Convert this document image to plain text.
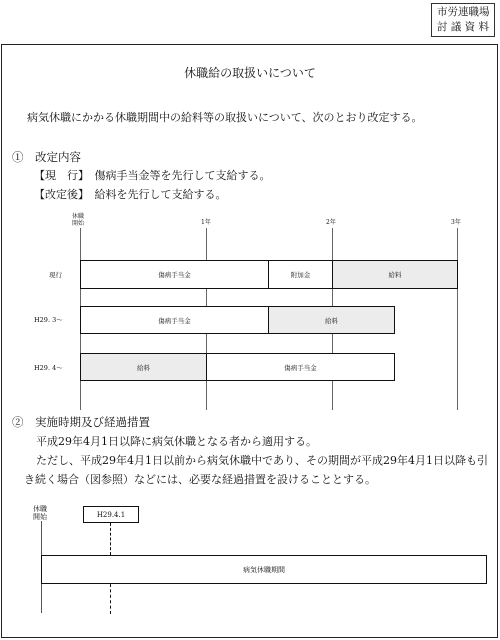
市労連職場
討 議 資 料
休職給の取扱いについて
病気休職にかかる休職期間中の給料等の取扱いについて、次のとおり改定する。
①　改定内容
【現　行】　傷病手当金等を先行して支給する。
【改定後】　給料を先行して支給する。
休職
開始	1年	2年	3年
現行	傷病手当金	附加金	給料
H29. 3～	傷病手当金	給料
H29. 4～	給料	傷病手当金
②　実施時期及び経過措置
平成29年4月1日以降に病気休職となる者から適用する。
ただし、平成29年4月1日以前から病気休職中であり、その期間が平成29年4月1日以降も引
き続く場合（図参照）などには、必要な経過措置を設けることとする。
休職
開始	H29.4.1
病気休職期間
